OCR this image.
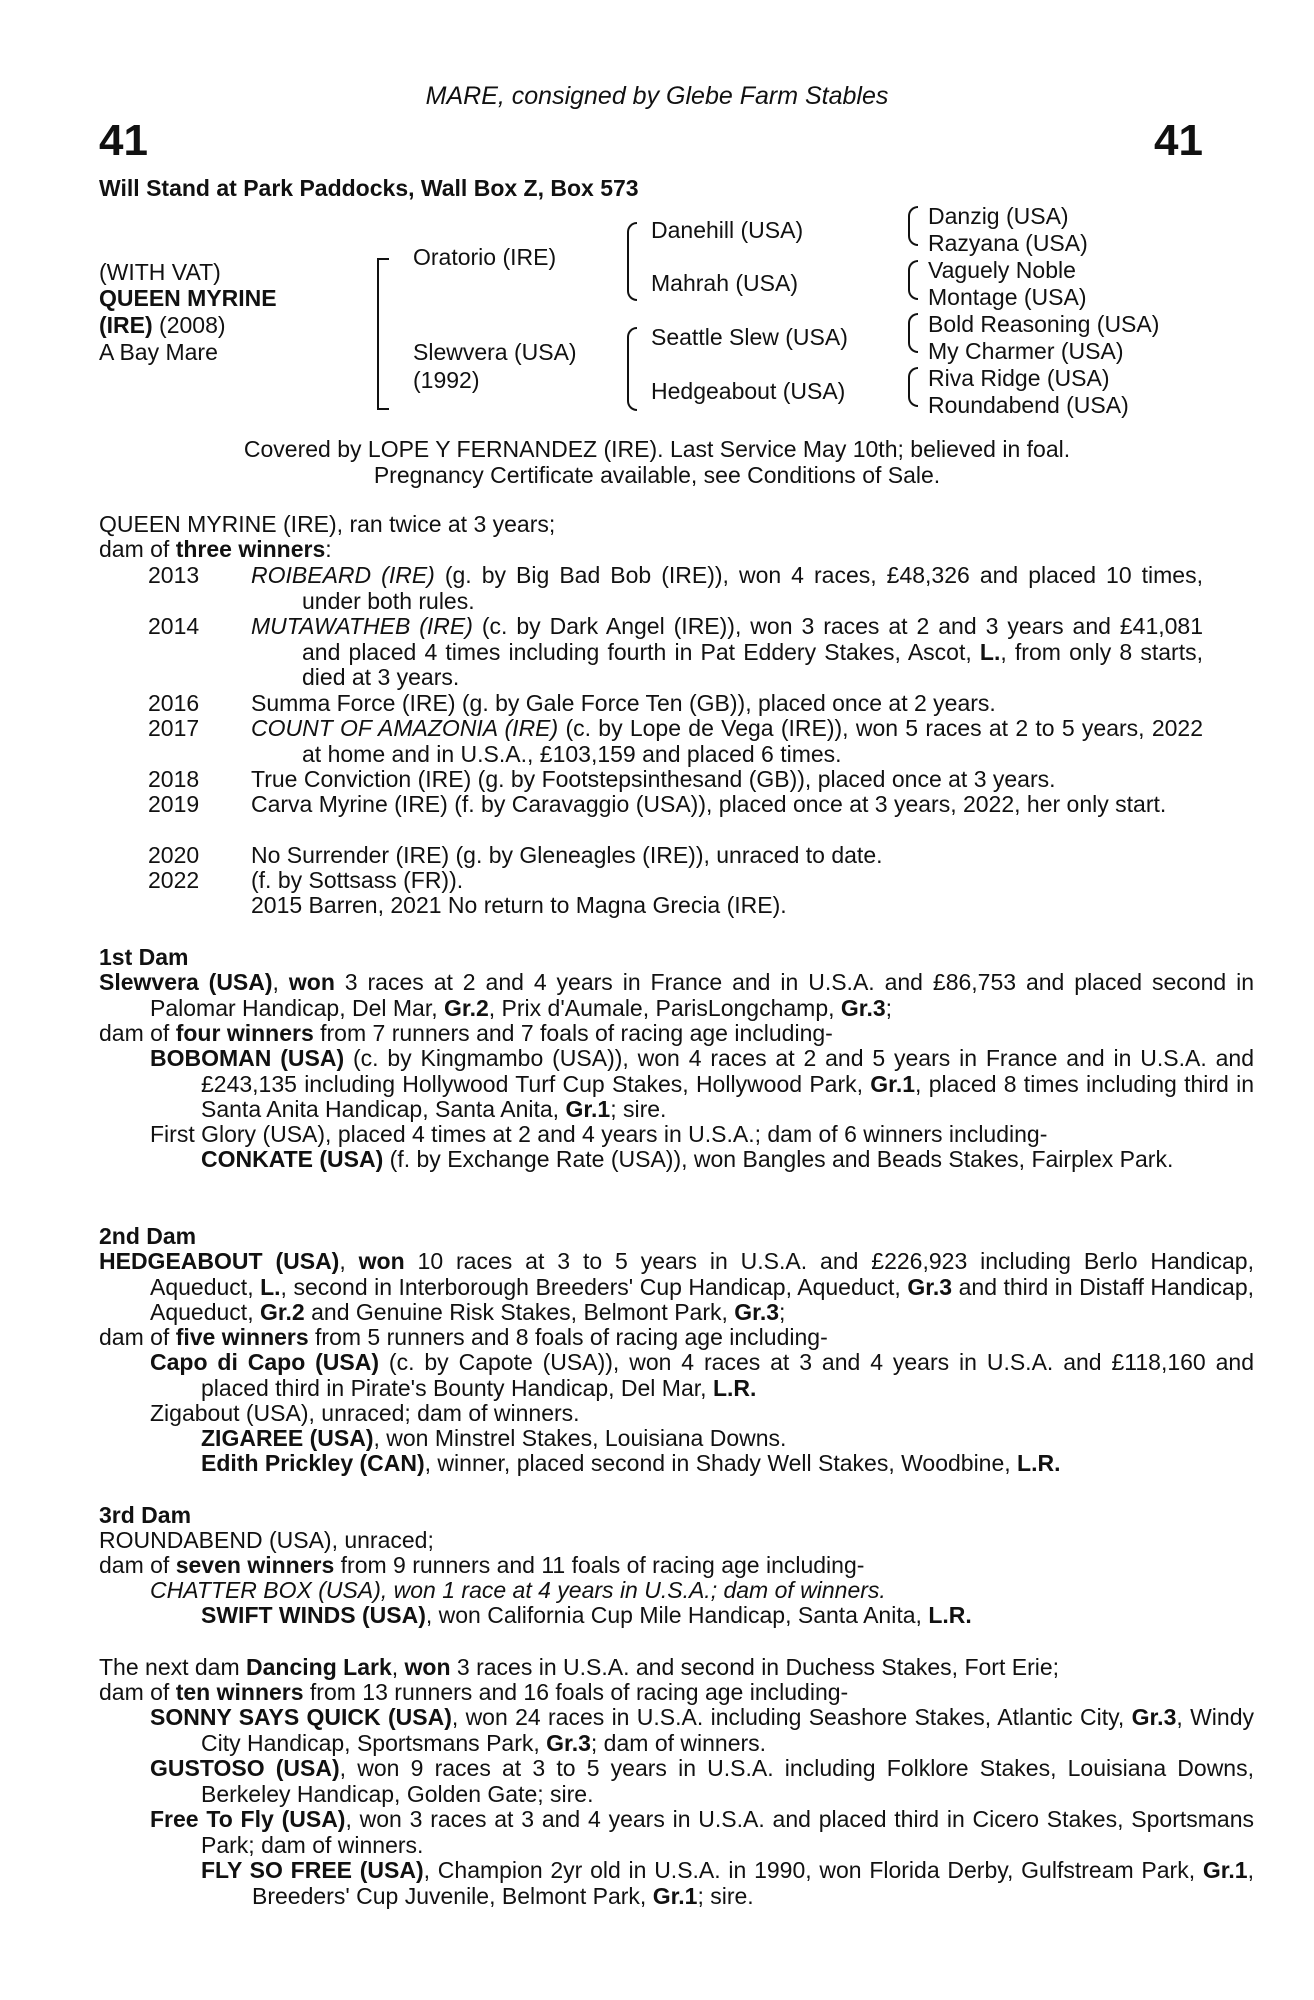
MARE, consigned by Glebe Farm Stables
41	41
Will Stand at Park Paddocks, Wall Box Z, Box 573
(WITH VAT)
QUEEN MYRINE
(IRE) (2008)
A Bay Mare
Oratorio (IRE)
Slewvera (USA)
(1992)
Danehill (USA)
Mahrah (USA)
Seattle Slew (USA)
Hedgeabout (USA)
Danzig (USA)
Razyana (USA)
Vaguely Noble
Montage (USA)
Bold Reasoning (USA)
My Charmer (USA)
Riva Ridge (USA)
Roundabend (USA)
Covered by LOPE Y FERNANDEZ (IRE). Last Service May 10th; believed in foal.
Pregnancy Certificate available, see Conditions of Sale.
QUEEN MYRINE (IRE), ran twice at 3 years;
dam of three winners:
2013 ROIBEARD (IRE) (g. by Big Bad Bob (IRE)), won 4 races, £48,326 and placed 10 times, under both rules.
2014 MUTAWATHEB (IRE) (c. by Dark Angel (IRE)), won 3 races at 2 and 3 years and £41,081 and placed 4 times including fourth in Pat Eddery Stakes, Ascot, L., from only 8 starts, died at 3 years.
2016 Summa Force (IRE) (g. by Gale Force Ten (GB)), placed once at 2 years.
2017 COUNT OF AMAZONIA (IRE) (c. by Lope de Vega (IRE)), won 5 races at 2 to 5 years, 2022 at home and in U.S.A., £103,159 and placed 6 times.
2018 True Conviction (IRE) (g. by Footstepsinthesand (GB)), placed once at 3 years.
2019 Carva Myrine (IRE) (f. by Caravaggio (USA)), placed once at 3 years, 2022, her only start.
2020 No Surrender (IRE) (g. by Gleneagles (IRE)), unraced to date.
2022 (f. by Sottsass (FR)).
2015 Barren, 2021 No return to Magna Grecia (IRE).
1st Dam
Slewvera (USA), won 3 races at 2 and 4 years in France and in U.S.A. and £86,753 and placed second in Palomar Handicap, Del Mar, Gr.2, Prix d'Aumale, ParisLongchamp, Gr.3;
dam of four winners from 7 runners and 7 foals of racing age including-
BOBOMAN (USA) (c. by Kingmambo (USA)), won 4 races at 2 and 5 years in France and in U.S.A. and £243,135 including Hollywood Turf Cup Stakes, Hollywood Park, Gr.1, placed 8 times including third in Santa Anita Handicap, Santa Anita, Gr.1; sire.
First Glory (USA), placed 4 times at 2 and 4 years in U.S.A.; dam of 6 winners including-
CONKATE (USA) (f. by Exchange Rate (USA)), won Bangles and Beads Stakes, Fairplex Park.
2nd Dam
HEDGEABOUT (USA), won 10 races at 3 to 5 years in U.S.A. and £226,923 including Berlo Handicap, Aqueduct, L., second in Interborough Breeders' Cup Handicap, Aqueduct, Gr.3 and third in Distaff Handicap, Aqueduct, Gr.2 and Genuine Risk Stakes, Belmont Park, Gr.3;
dam of five winners from 5 runners and 8 foals of racing age including-
Capo di Capo (USA) (c. by Capote (USA)), won 4 races at 3 and 4 years in U.S.A. and £118,160 and placed third in Pirate's Bounty Handicap, Del Mar, L.R.
Zigabout (USA), unraced; dam of winners.
ZIGAREE (USA), won Minstrel Stakes, Louisiana Downs.
Edith Prickley (CAN), winner, placed second in Shady Well Stakes, Woodbine, L.R.
3rd Dam
ROUNDABEND (USA), unraced;
dam of seven winners from 9 runners and 11 foals of racing age including-
CHATTER BOX (USA), won 1 race at 4 years in U.S.A.; dam of winners.
SWIFT WINDS (USA), won California Cup Mile Handicap, Santa Anita, L.R.
The next dam Dancing Lark, won 3 races in U.S.A. and second in Duchess Stakes, Fort Erie;
dam of ten winners from 13 runners and 16 foals of racing age including-
SONNY SAYS QUICK (USA), won 24 races in U.S.A. including Seashore Stakes, Atlantic City, Gr.3, Windy City Handicap, Sportsmans Park, Gr.3; dam of winners.
GUSTOSO (USA), won 9 races at 3 to 5 years in U.S.A. including Folklore Stakes, Louisiana Downs, Berkeley Handicap, Golden Gate; sire.
Free To Fly (USA), won 3 races at 3 and 4 years in U.S.A. and placed third in Cicero Stakes, Sportsmans Park; dam of winners.
FLY SO FREE (USA), Champion 2yr old in U.S.A. in 1990, won Florida Derby, Gulfstream Park, Gr.1, Breeders' Cup Juvenile, Belmont Park, Gr.1; sire.
